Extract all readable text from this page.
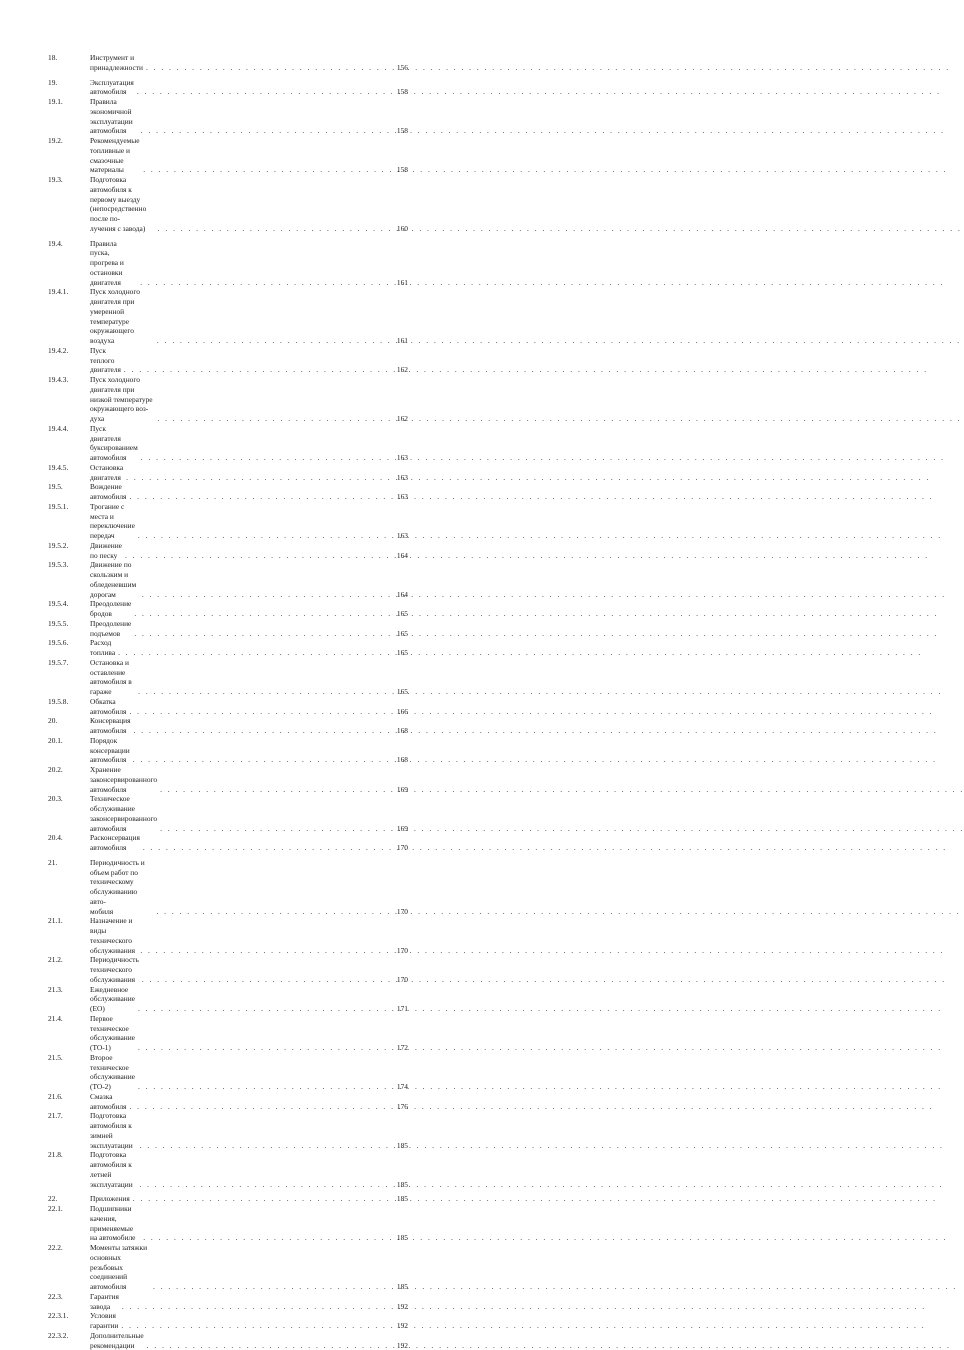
18.	Инструмент и принадлежности . . .	156
19.	Эксплуатация автомобиля . . .	158
19.1.	Правила экономичной эксплуатации автомобиля . . .	158
19.2.	Рекомендуемые топливные и смазочные материалы . . .	158
19.3.	Подготовка автомобиля к первому выезду (непосредственно после по-
лучения с завода) . . .	160
19.4.	Правила пуска, прогрева и остановки двигателя . . .	161
19.4.1.	Пуск холодного двигателя при умеренной температуре окружающего
воздуха . . .	161
19.4.2.	Пуск теплого двигателя . . .	162
19.4.3.	Пуск холодного двигателя при низкой температуре окружающего воз-
духа . . .	162
19.4.4.	Пуск двигателя буксированием автомобиля . . .	163
19.4.5.	Остановка двигателя . . .	163
19.5.	Вождение автомобиля . . .	163
19.5.1.	Трогание с места и переключение передач . . .	163
19.5.2.	Движение по песку . . .	164
19.5.3.	Движение по скользким и обледеневшим дорогам . . .	164
19.5.4.	Преодоление бродов . . .	165
19.5.5.	Преодоление подъемов . . .	165
19.5.6.	Расход топлива . . .	165
19.5.7.	Остановка и оставление автомобиля в гараже . . .	165
19.5.8.	Обкатка автомобиля . . .	166
20.	Консервация автомобиля . . .	168
20.1.	Порядок консервации автомобиля . . .	168
20.2.	Хранение законсервированного автомобиля . . .	169
20.3.	Техническое обслуживание законсервированного автомобиля . . .	169
20.4.	Расконсервация автомобиля . . .	170
21.	Периодичность и объем работ по техническому обслуживанию авто-
мобиля . . .	170
21.1.	Назначение и виды технического обслуживания . . .	170
21.2.	Периодичность технического обслуживания . . .	170
21.3.	Ежедневное обслуживание (ЕО) . . .	171
21.4.	Первое техническое обслуживание (ТО-1) . . .	172
21.5.	Второе техническое обслуживание (ТО-2) . . .	174
21.6.	Смазка автомобиля . . .	176
21.7.	Подготовка автомобиля к зимней эксплуатации . . .	185
21.8.	Подготовка автомобиля к летней эксплуатации . . .	185
22.	Приложения . . .	185
22.1.	Подшипники качения, применяемые на автомобиле . . .	185
22.2.	Моменты затяжки основных резьбовых соединений автомобиля . . .	185
22.3.	Гарантия завода . . .	192
22.3.1.	Условия гарантии . . .	192
22.3.2.	Дополнительные рекомендации . . .	192
